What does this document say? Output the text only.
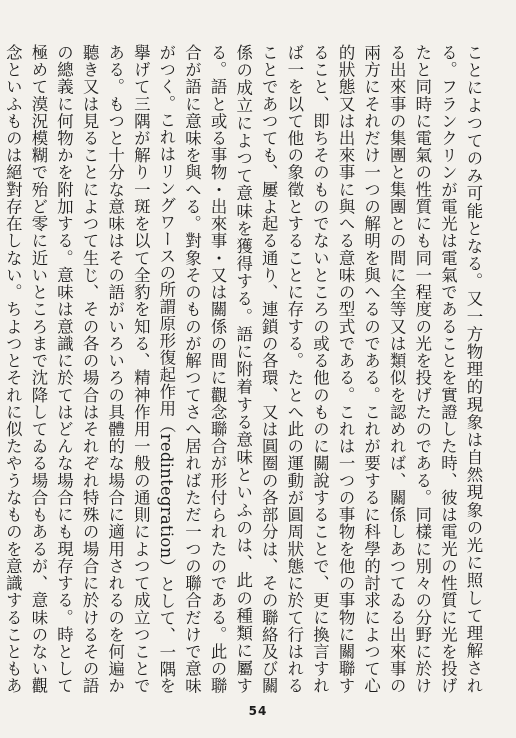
ことによつてのみ可能となる。又一方物理的現象は自然現象の光に照して理解される。フランクリンが電光は電氣であることを實證した時、彼は電光の性質に光を投げたと同時に電氣の性質にも同一程度の光を投げたのである。同樣に別々の分野に於ける出來事の集團と集團との間に全等又は類似を認めれば、關係しあつてゐる出來事の兩方にそれだけ一つの解明を與へるのである。これが要するに科學的討求によつて心的狀態又は出來事に與へる意味の型式である。これは一つの事物を他の事物に關聯すること、即ちそのものでないところの或る他のものに關說することで、更に換言すれば一を以て他の象徵とすることに存する。たとへ此の運動が圓周狀態に於て行はれることであつても、屢よ起る通り、連鎖の各環、又は圓圈の各部分は、その聯絡及び關係の成立によつて意味を獲得する。語に附着する意味といふのは、此の種類に屬する。語と或る事物・出來事・又は關係の間に觀念聯合が形付られたのである。此の聯合が語に意味を與へる。對象そのものが解つてさへ居ればただ一つの聯合だけで意味がつく。これはリングワースの所謂原形復起作用（redintegration）として、一隅を擧げて三隅が解り一斑を以て全豹を知る、精神作用一般の通則によつて成立つことである。もつと十分な意味はその語がいろいろの具體的な場合に適用されるのを何遍か聽き又は見ることによつて生じ、その各の場合はそれぞれ特殊の場合に於けるその語の總義に何物かを附加する。意味は意識に於てはどんな場合にも現存する。時として極めて漠況模糊で殆ど零に近いところまで沈降してゐる場合もあるが、意味のない觀念といふものは絕對存在しない。ちよつとそれに似たやうなものを意識することもあ

54
